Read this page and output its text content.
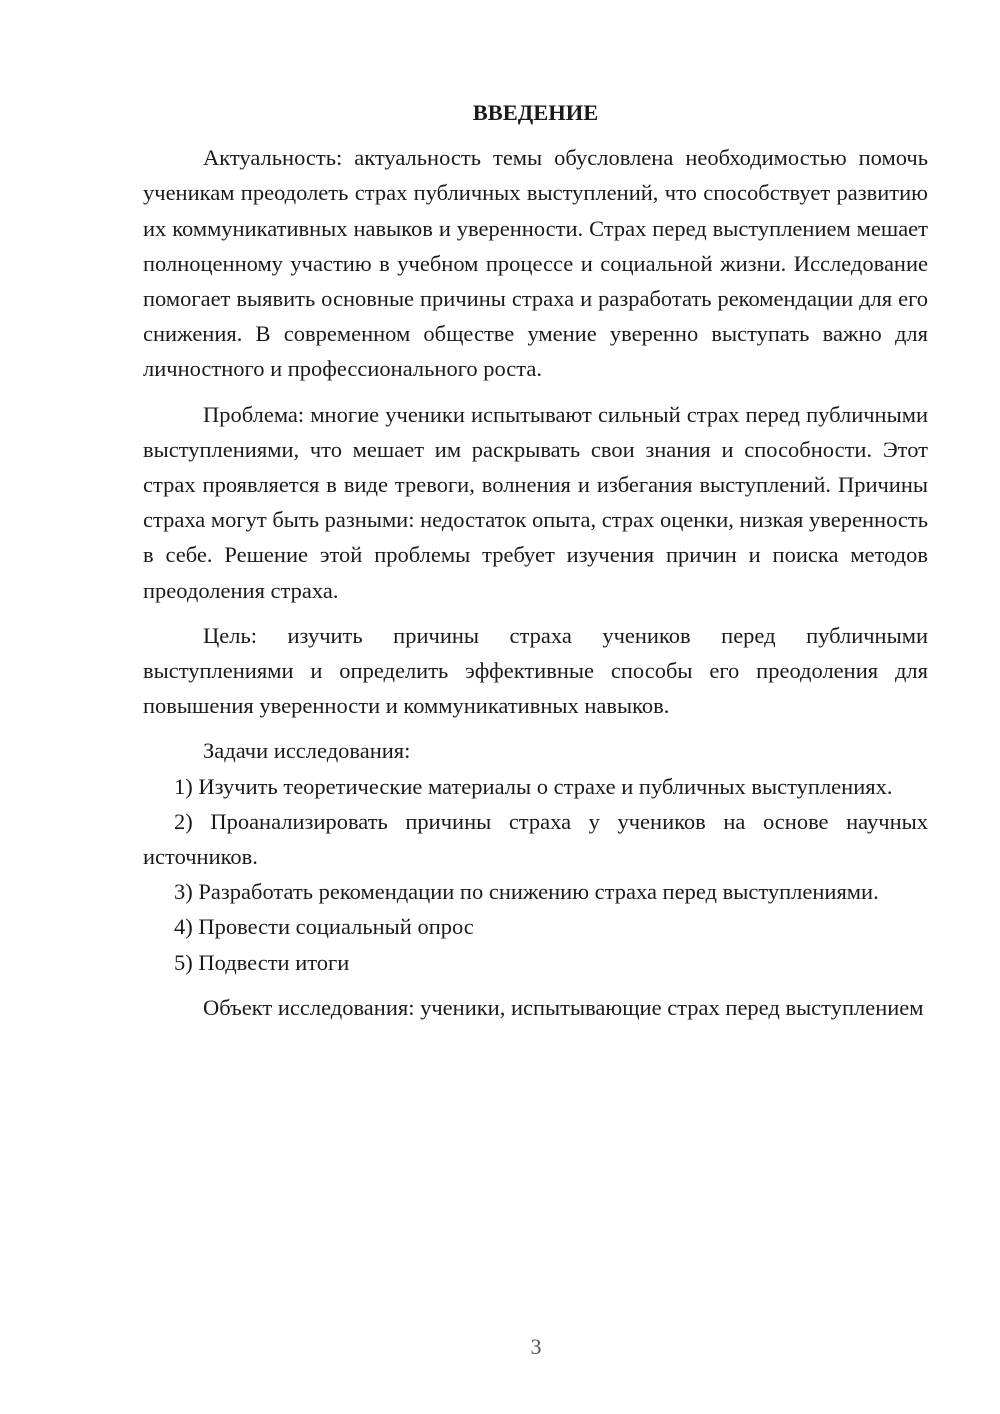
ВВЕДЕНИЕ

Актуальность: актуальность темы обусловлена необходимостью помочь ученикам преодолеть страх публичных выступлений, что способствует развитию их коммуникативных навыков и уверенности. Страх перед выступлением мешает полноценному участию в учебном процессе и социальной жизни. Исследование помогает выявить основные причины страха и разработать рекомендации для его снижения. В современном обществе умение уверенно выступать важно для личностного и профессионального роста.

Проблема: многие ученики испытывают сильный страх перед публичными выступлениями, что мешает им раскрывать свои знания и способности. Этот страх проявляется в виде тревоги, волнения и избегания выступлений. Причины страха могут быть разными: недостаток опыта, страх оценки, низкая уверенность в себе. Решение этой проблемы требует изучения причин и поиска методов преодоления страха.

Цель: изучить причины страха учеников перед публичными выступлениями и определить эффективные способы его преодоления для повышения уверенности и коммуникативных навыков.

Задачи исследования:

1) Изучить теоретические материалы о страхе и публичных выступлениях.

2) Проанализировать причины страха у учеников на основе научных источников.

3) Разработать рекомендации по снижению страха перед выступлениями.

4) Провести социальный опрос

5) Подвести итоги

Объект исследования: ученики, испытывающие страх перед выступлением

3
